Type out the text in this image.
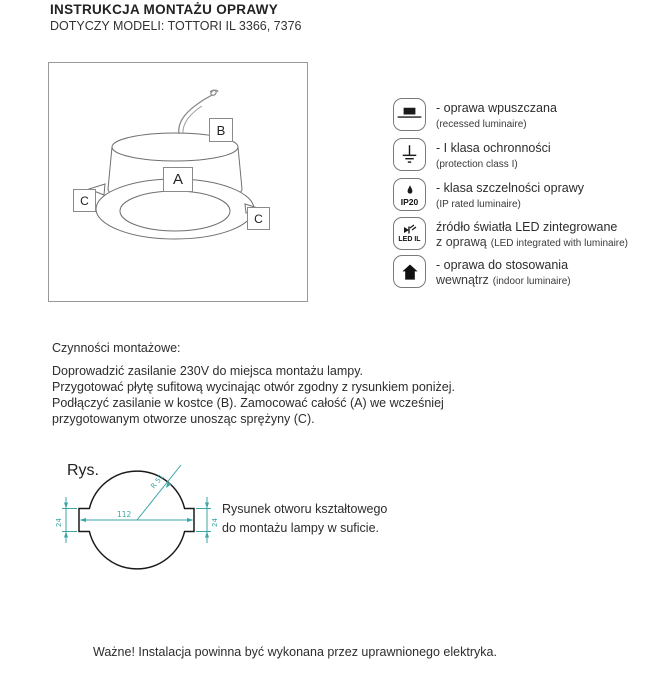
INSTRUKCJA MONTAŻU OPRAWY
DOTYCZY MODELI: TOTTORI IL 3366, 7376
A
B
C
C
- oprawa wpuszczana
(recessed luminaire)
- I klasa ochronności
(protection class I)
IP20
- klasa szczelności oprawy
(IP rated luminaire)
LED IL
źródło światła LED zintegrowane
z oprawą (LED integrated with luminaire)
- oprawa do stosowania
wewnątrz (indoor luminaire)
Czynności montażowe:
Doprowadzić zasilanie 230V do miejsca montażu lampy.
Przygotować płytę sufitową wycinając otwór zgodny z rysunkiem poniżej.
Podłączyć zasilanie w kostce (B). Zamocować całość (A) we wcześniej
przygotowanym otworze unosząc sprężyny (C).
Rys.
112
R 51
24	24
Rysunek otworu kształtowego
do montażu lampy w suficie.
Ważne! Instalacja powinna być wykonana przez uprawnionego elektryka.
